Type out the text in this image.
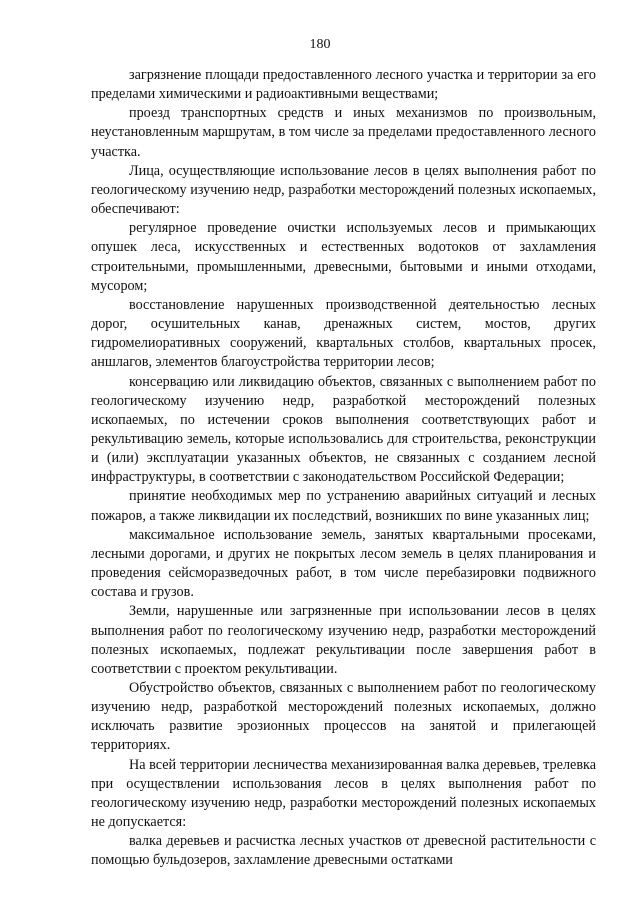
180

загрязнение площади предоставленного лесного участка и территории за его пределами химическими и радиоактивными веществами;

проезд транспортных средств и иных механизмов по произвольным, неустановленным маршрутам, в том числе за пределами предоставленного лесного участка.

Лица, осуществляющие использование лесов в целях выполнения работ по геологическому изучению недр, разработки месторождений полезных ископаемых, обеспечивают:

регулярное проведение очистки используемых лесов и примыкающих опушек леса, искусственных и естественных водотоков от захламления строительными, промышленными, древесными, бытовыми и иными отходами, мусором;

восстановление нарушенных производственной деятельностью лесных дорог, осушительных канав, дренажных систем, мостов, других гидромелиоративных сооружений, квартальных столбов, квартальных просек, аншлагов, элементов благоустройства территории лесов;

консервацию или ликвидацию объектов, связанных с выполнением работ по геологическому изучению недр, разработкой месторождений полезных ископаемых, по истечении сроков выполнения соответствующих работ и рекультивацию земель, которые использовались для строительства, реконструкции и (или) эксплуатации указанных объектов, не связанных с созданием лесной инфраструктуры, в соответствии с законодательством Российской Федерации;

принятие необходимых мер по устранению аварийных ситуаций и лесных пожаров, а также ликвидации их последствий, возникших по вине указанных лиц;

максимальное использование земель, занятых квартальными просеками, лесными дорогами, и других не покрытых лесом земель в целях планирования и проведения сейсморазведочных работ, в том числе перебазировки подвижного состава и грузов.

Земли, нарушенные или загрязненные при использовании лесов в целях выполнения работ по геологическому изучению недр, разработки месторождений полезных ископаемых, подлежат рекультивации после завершения работ в соответствии с проектом рекультивации.

Обустройство объектов, связанных с выполнением работ по геологическому изучению недр, разработкой месторождений полезных ископаемых, должно исключать развитие эрозионных процессов на занятой и прилегающей территориях.

На всей территории лесничества механизированная валка деревьев, трелевка при осуществлении использования лесов в целях выполнения работ по геологическому изучению недр, разработки месторождений полезных ископаемых не допускается:

валка деревьев и расчистка лесных участков от древесной растительности с помощью бульдозеров, захламление древесными остатками
